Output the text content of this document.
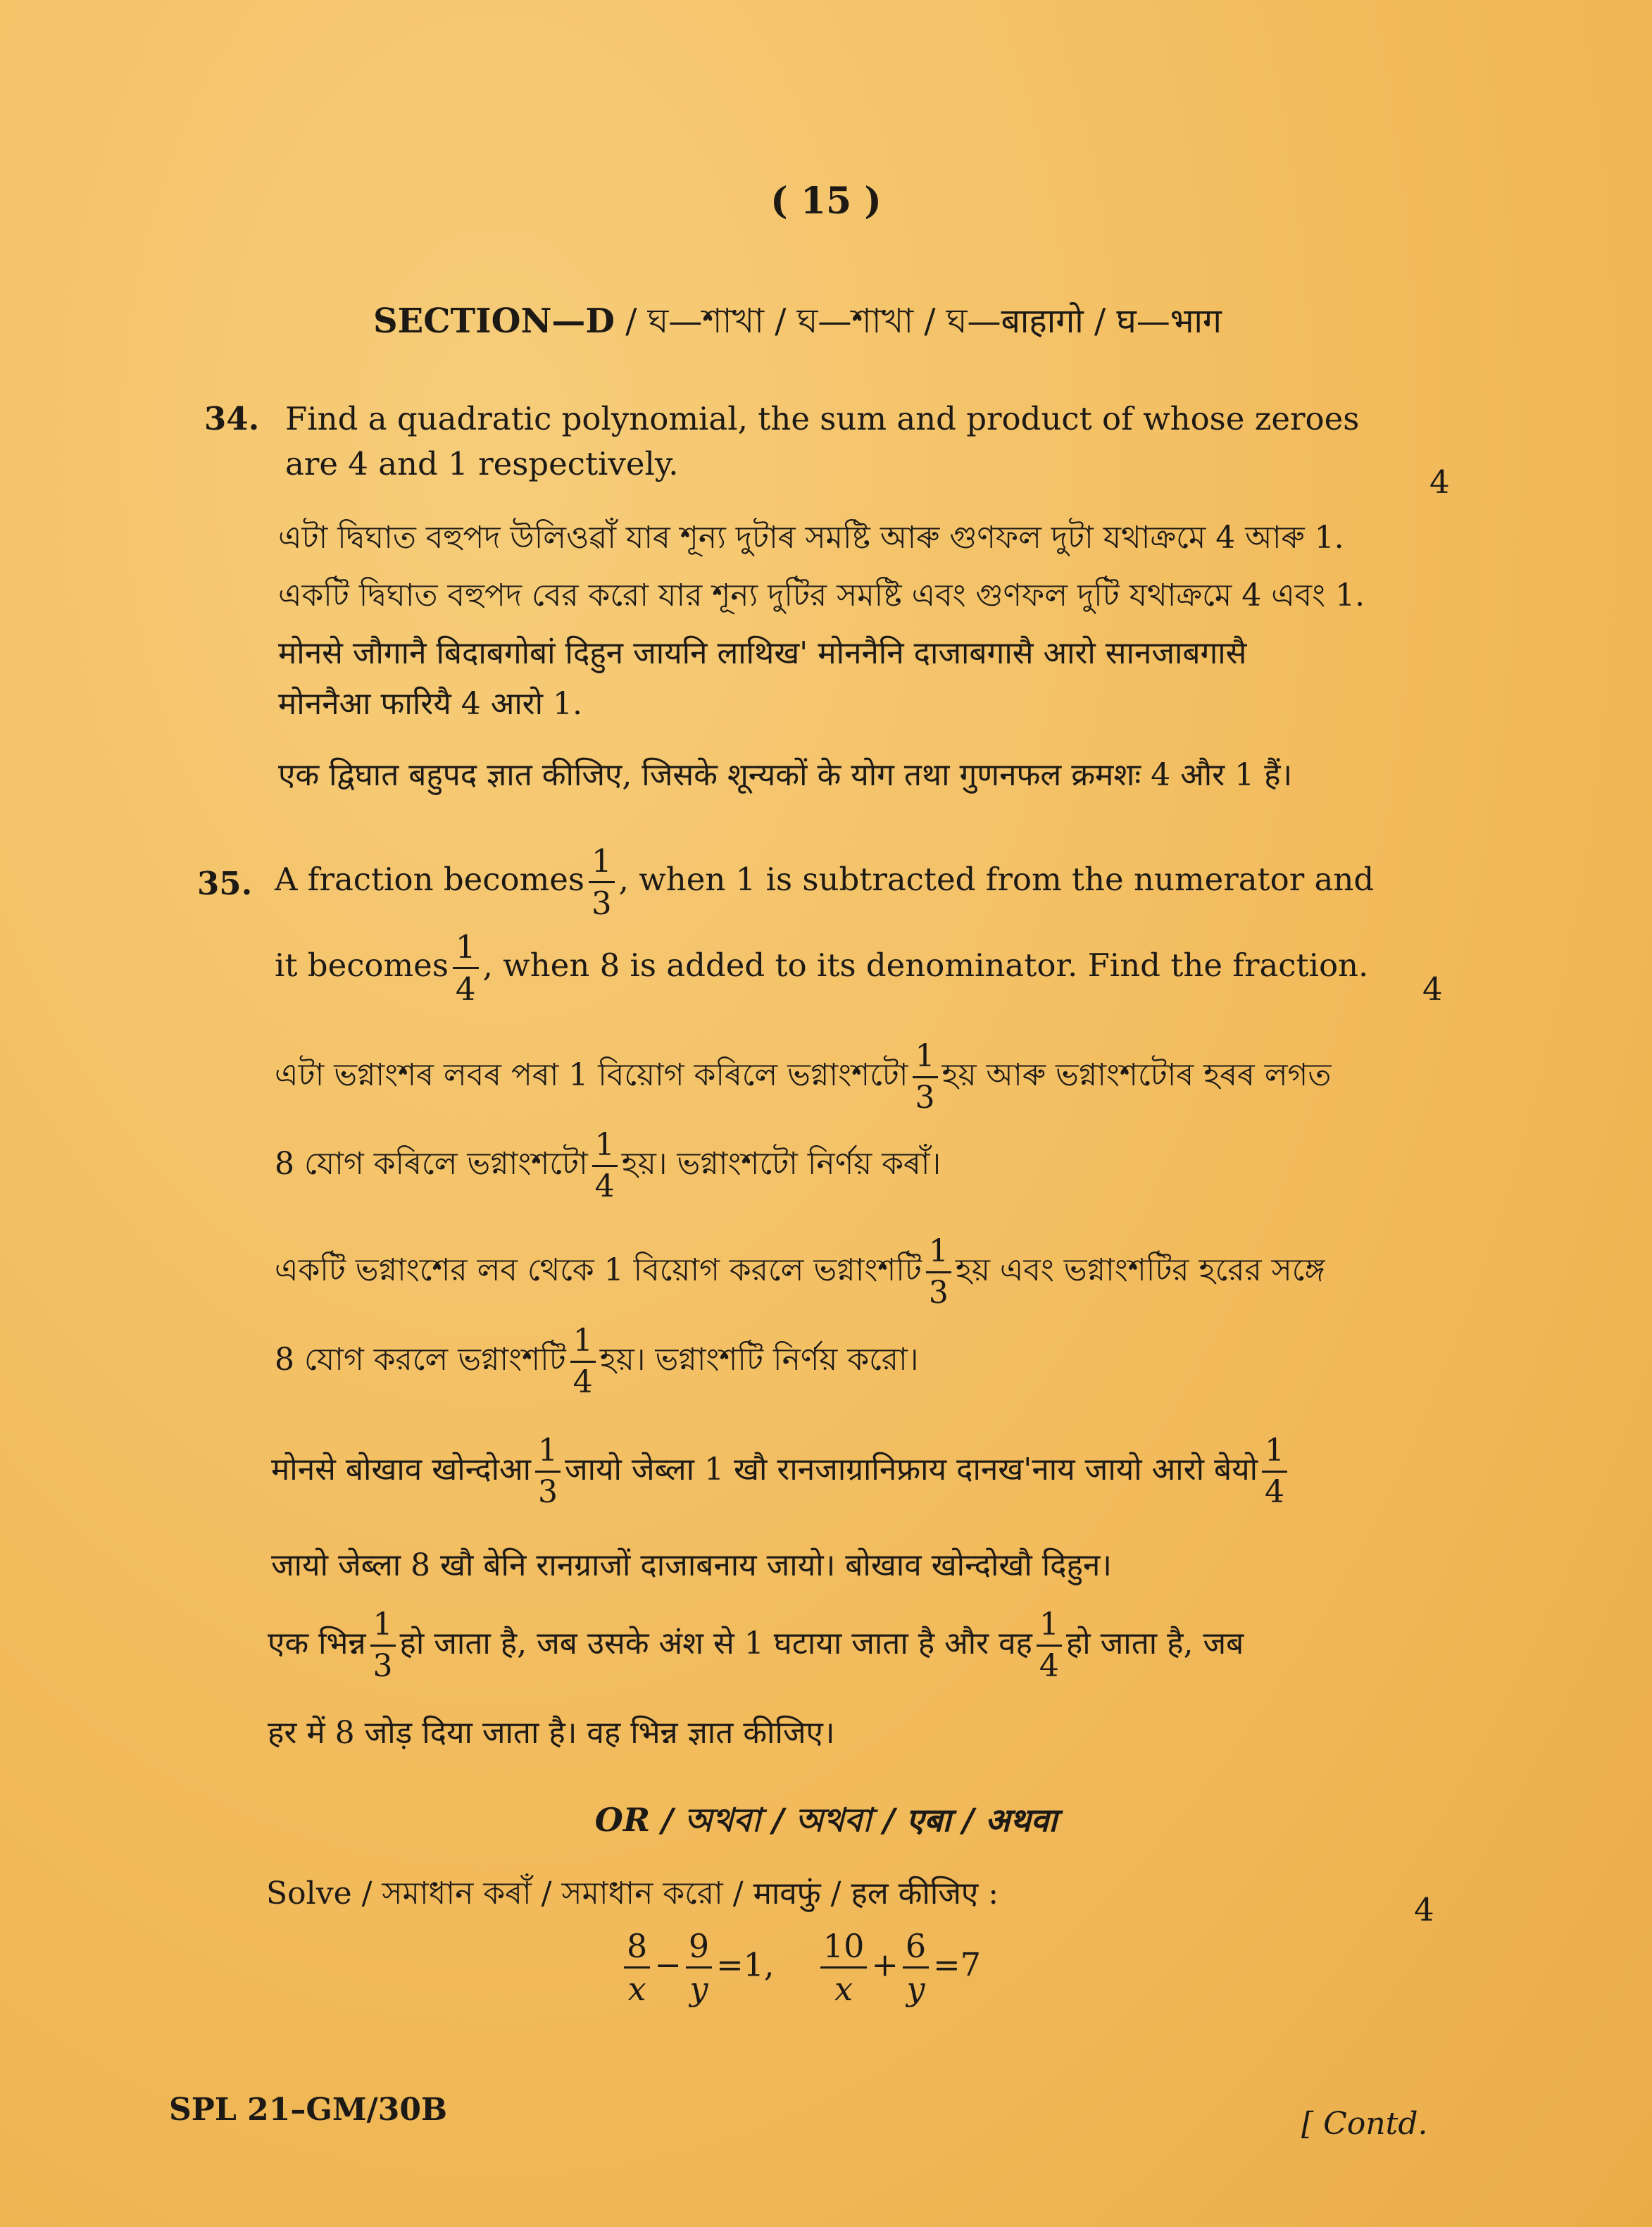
( 15 )
SECTION—D / ঘ—শাখা / ঘ—শাখা / ঘ—बाहागो / घ—भाग
34. Find a quadratic polynomial, the sum and product of whose zeroes
are 4 and 1 respectively.	4
এটা দ্বিঘাত বহুপদ উলিওৱাঁ যাৰ শূন্য দুটাৰ সমষ্টি আৰু গুণফল দুটা যথাক্ৰমে 4 আৰু 1.
একটি দ্বিঘাত বহুপদ বের করো যার শূন্য দুটির সমষ্টি এবং গুণফল দুটি যথাক্রমে 4 এবং 1.
मोनसे जौगानै बिदाबगोबां दिहुन जायनि लाथिख' मोननैनि दाजाबगासै आरो सानजाबगासै
मोननैआ फारियै 4 आरो 1.
एक द्विघात बहुपद ज्ञात कीजिए, जिसके शून्यकों के योग तथा गुणनफल क्रमशः 4 और 1 हैं।
35. A fraction becomes $\frac{1}{3}$ , when 1 is subtracted from the numerator and
it becomes $\frac{1}{4}$ , when 8 is added to its denominator. Find the fraction.
4
এটা ভগ্নাংশৰ লবৰ পৰা 1 বিয়োগ কৰিলে ভগ্নাংশটো $\frac{1}{3}$ হয় আৰু ভগ্নাংশটোৰ হৰৰ লগত
8 যোগ কৰিলে ভগ্নাংশটো $\frac{1}{4}$ হয়। ভগ্নাংশটো নিৰ্ণয় কৰাঁ।
একটি ভগ্নাংশের লব থেকে 1 বিয়োগ করলে ভগ্নাংশটি $\frac{1}{3}$ হয় এবং ভগ্নাংশটির হরের সঙ্গে
8 যোগ করলে ভগ্নাংশটি $\frac{1}{4}$ হয়। ভগ্নাংশটি নির্ণয় করো।
मोनसे बोखाव खोन्दोआ $\frac{1}{3}$ जायो जेब्ला 1 खौ रानजाग्रानिफ्राय दानख'नाय जायो आरो बेयो $\frac{1}{4}$
जायो जेब्ला 8 खौ बेनि रानग्राजों दाजाबनाय जायो। बोखाव खोन्दोखौ दिहुन।
एक भिन्न $\frac{1}{3}$ हो जाता है, जब उसके अंश से 1 घटाया जाता है और वह $\frac{1}{4}$ हो जाता है, जब
हर में 8 जोड़ दिया जाता है। वह भिन्न ज्ञात कीजिए।
OR / অথবা / অথবা / एबा / अथवा
Solve / সমাধান কৰাঁ / সমাধান করো / मावफुं / हल कीजिए :	4
$\frac{8}{x} - \frac{9}{y} =1$, $\frac{10}{x} + \frac{6}{y} =7$
SPL 21–GM/30B	[ Contd.
